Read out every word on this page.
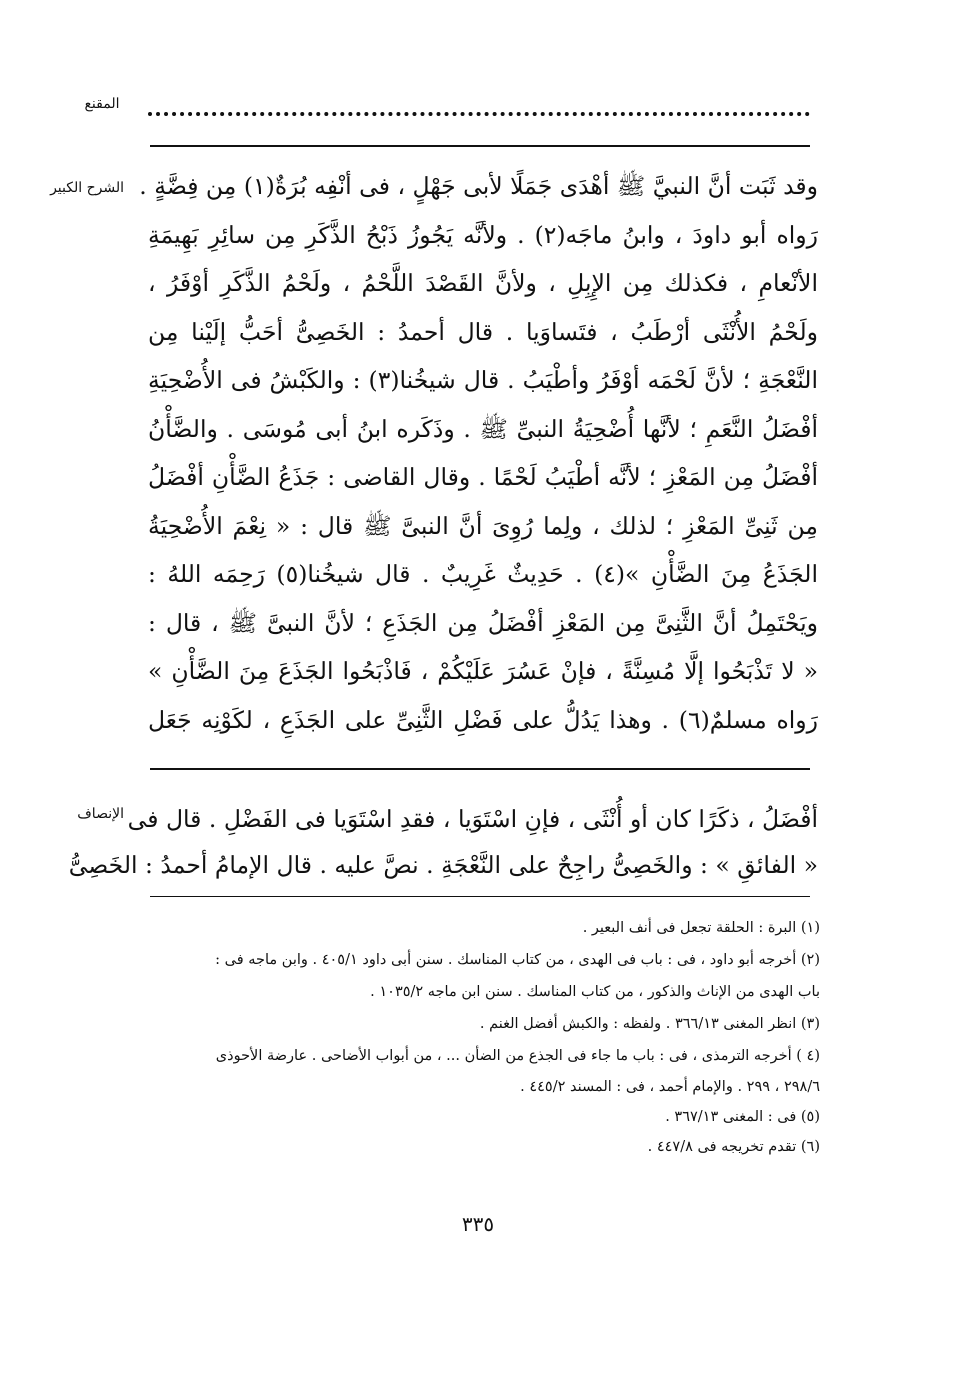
المقنع
الشرح الكبير وقد ثَبَت أنَّ النبيَّ ﷺ أهْدَى جَمَلًا لأبى جَهْلٍ ، فى أنْفِه بُرَةٌ(١) مِن فِضَّةٍ .
رَواه أبو داودَ ، وابنُ ماجَه(٢) . ولأنَّه يَجُوزُ ذَبْحُ الذَّكَرِ مِن سائِرِ بَهِيمَةِ
الأنْعامِ ، فكذلك مِن الإِبِلِ ، ولأنَّ القَصْدَ اللَّحْمُ ، ولَحْمُ الذَّكَرِ أوْفَرُ ،
ولَحْمُ الأُنْثَى أرْطَبُ ، فتَساوَيا . قال أحمدُ : الخَصِىُّ أحَبُّ إلَيْنا مِن
النَّعْجَةِ ؛ لأنَّ لَحْمَه أوْفَرُ وأطْيَبُ . قال شيخُنا(٣) : والكَبْشُ فى الأُضْحِيَةِ
أفْضَلُ النَّعَمِ ؛ لأنَّها أُضْحِيَةُ النبىِّ ﷺ . وذَكَره ابنُ أبى مُوسَى . والضَّأْنُ
أفْضَلُ مِن المَعْزِ ؛ لأنَّه أطْيَبُ لَحْمًا . وقال القاضى : جَذَعُ الضَّأْنِ أفْضَلُ
مِن ثَنِىِّ المَعْزِ ؛ لذلك ، ولِما رُوِىَ أنَّ النبىَّ ﷺ قال : « نِعْمَ الأُضْحِيَةُ
الجَذَعُ مِنَ الضَّأْنِ »(٤) . حَدِيثٌ غَرِيبٌ . قال شيخُنا(٥) رَحِمَه اللهُ :
ويَحْتَمِلُ أنَّ الثَّنِىَّ مِن المَعْزِ أفْضَلُ مِن الجَذَعِ ؛ لأنَّ النبىَّ ﷺ ، قال :
« لا تَذْبَحُوا إلَّا مُسِنَّةً ، فإنْ عَسُرَ عَلَيْكُمْ ، فَاذْبَحُوا الجَذَعَ مِنَ الضَّأْنِ »
رَواه مسلمٌ(٦) . وهذا يَدُلُّ على فَضْلِ الثَّنِىِّ على الجَذَعِ ، لكَوْنِه جَعَل
الإنصاف أفْضَلُ ، ذكَرًا كان أو أُنْثَى ، فإنِ اسْتَوَيا ، فقدِ اسْتَوَيا فى الفَضْلِ . قال فى
« الفائقِ » : والخَصِىُّ راجِحٌ على النَّعْجَةِ . نصَّ عليه . قال الإمامُ أحمدُ : الخَصِىُّ
(١) البرة : الحلقة تجعل فى أنف البعير .
(٢) أخرجه أبو داود ، فى : باب فى الهدى ، من كتاب المناسك . سنن أبى داود ٤٠٥/١ . وابن ماجه فى :
باب الهدى من الإناث والذكور ، من كتاب المناسك . سنن ابن ماجه ١٠٣٥/٢ .
(٣) انظر المغنى ٣٦٦/١٣ . ولفظه : والكبش أفضل الغنم .
(٤ ) أخرجه الترمذى ، فى : باب ما جاء فى الجذع من الضأن ... ، من أبواب الأضاحى . عارضة الأحوذى
٢٩٨/٦ ، ٢٩٩ . والإمام أحمد ، فى : المسند ٤٤٥/٢ .
(٥) فى : المغنى ٣٦٧/١٣ .
(٦) تقدم تخريجه فى ٤٤٧/٨ .
٣٣٥
